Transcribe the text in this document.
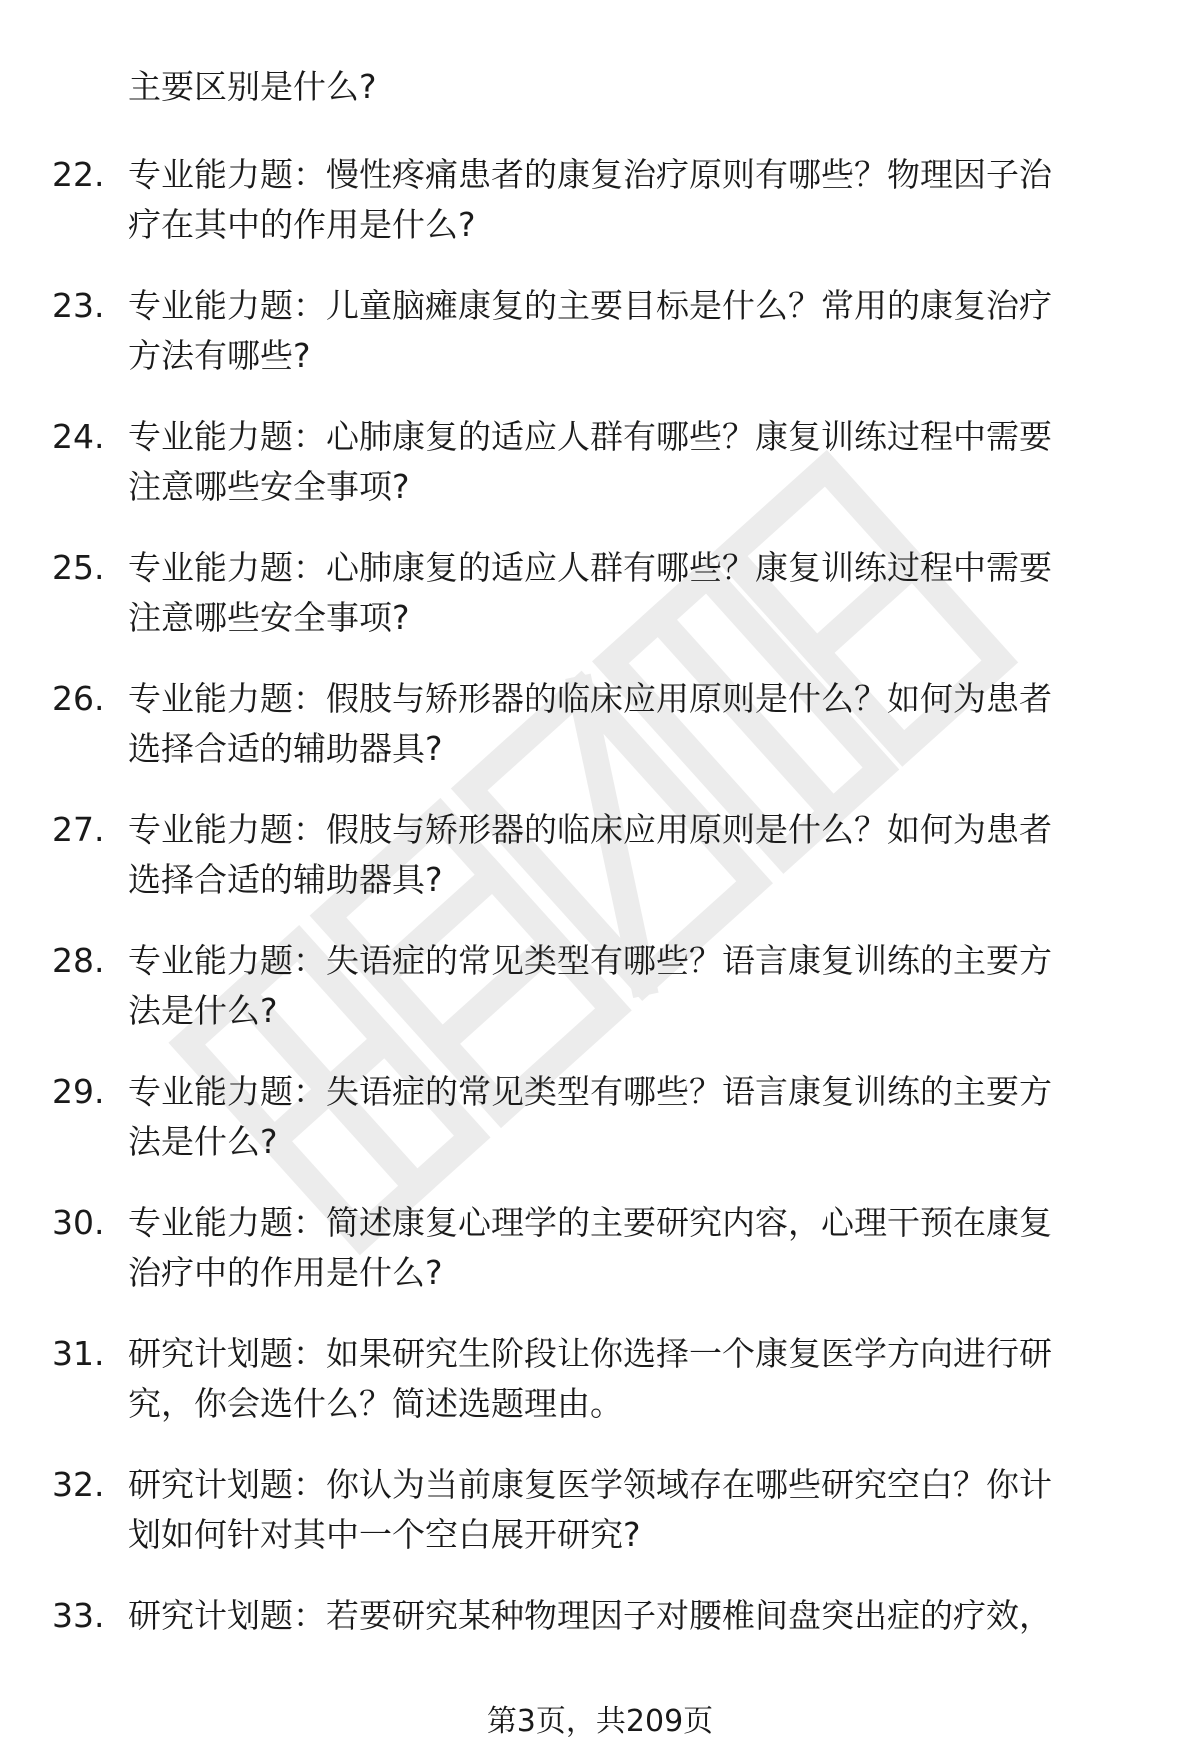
主要区别是什么?
22. 专业能力题：慢性疼痛患者的康复治疗原则有哪些？物理因子治
疗在其中的作用是什么?
23. 专业能力题：儿童脑瘫康复的主要目标是什么？常用的康复治疗
方法有哪些?
24. 专业能力题：心肺康复的适应人群有哪些？康复训练过程中需要
注意哪些安全事项?
25. 专业能力题：心肺康复的适应人群有哪些？康复训练过程中需要
注意哪些安全事项?
26. 专业能力题：假肢与矫形器的临床应用原则是什么？如何为患者
选择合适的辅助器具?
27. 专业能力题：假肢与矫形器的临床应用原则是什么？如何为患者
选择合适的辅助器具?
28. 专业能力题：失语症的常见类型有哪些？语言康复训练的主要方
法是什么?
29. 专业能力题：失语症的常见类型有哪些？语言康复训练的主要方
法是什么?
30. 专业能力题：简述康复心理学的主要研究内容，心理干预在康复
治疗中的作用是什么?
31. 研究计划题：如果研究生阶段让你选择一个康复医学方向进行研
究，你会选什么？简述选题理由。
32. 研究计划题：你认为当前康复医学领域存在哪些研究空白？你计
划如何针对其中一个空白展开研究?
33. 研究计划题：若要研究某种物理因子对腰椎间盘突出症的疗效，
第3页，共209页
